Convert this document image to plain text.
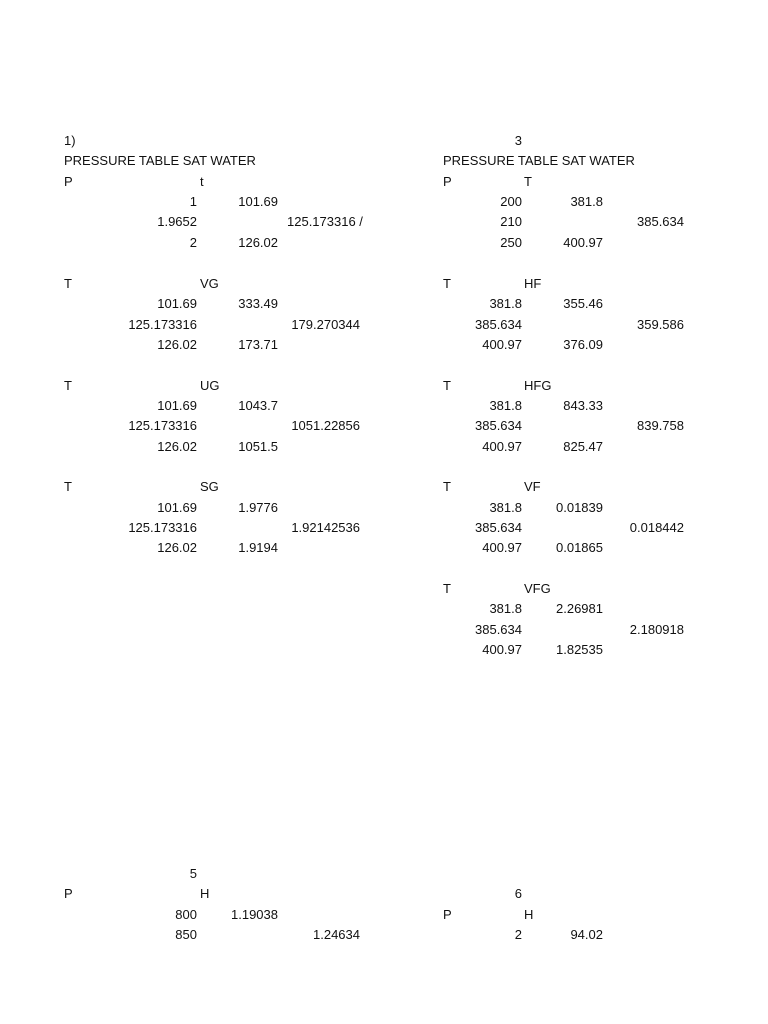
1)
PRESSURE TABLE SAT WATER
P	t
1	101.69
1.9652	125.173316 /
2	126.02
T	VG
101.69	333.49
125.173316	179.270344
126.02	173.71
T	UG
101.69	1043.7
125.173316	1051.22856
126.02	1051.5
T	SG
101.69	1.9776
125.173316	1.92142536
126.02	1.9194
5
P	H
800	1.19038
850	1.24634
3
PRESSURE TABLE SAT WATER
P	T
200	381.8
210	385.634
250	400.97
T	HF
381.8	355.46
385.634	359.586
400.97	376.09
T	HFG
381.8	843.33
385.634	839.758
400.97	825.47
T	VF
381.8	0.01839
385.634	0.018442
400.97	0.01865
T	VFG
381.8	2.26981
385.634	2.180918
400.97	1.82535
6
P	H
2	94.02
